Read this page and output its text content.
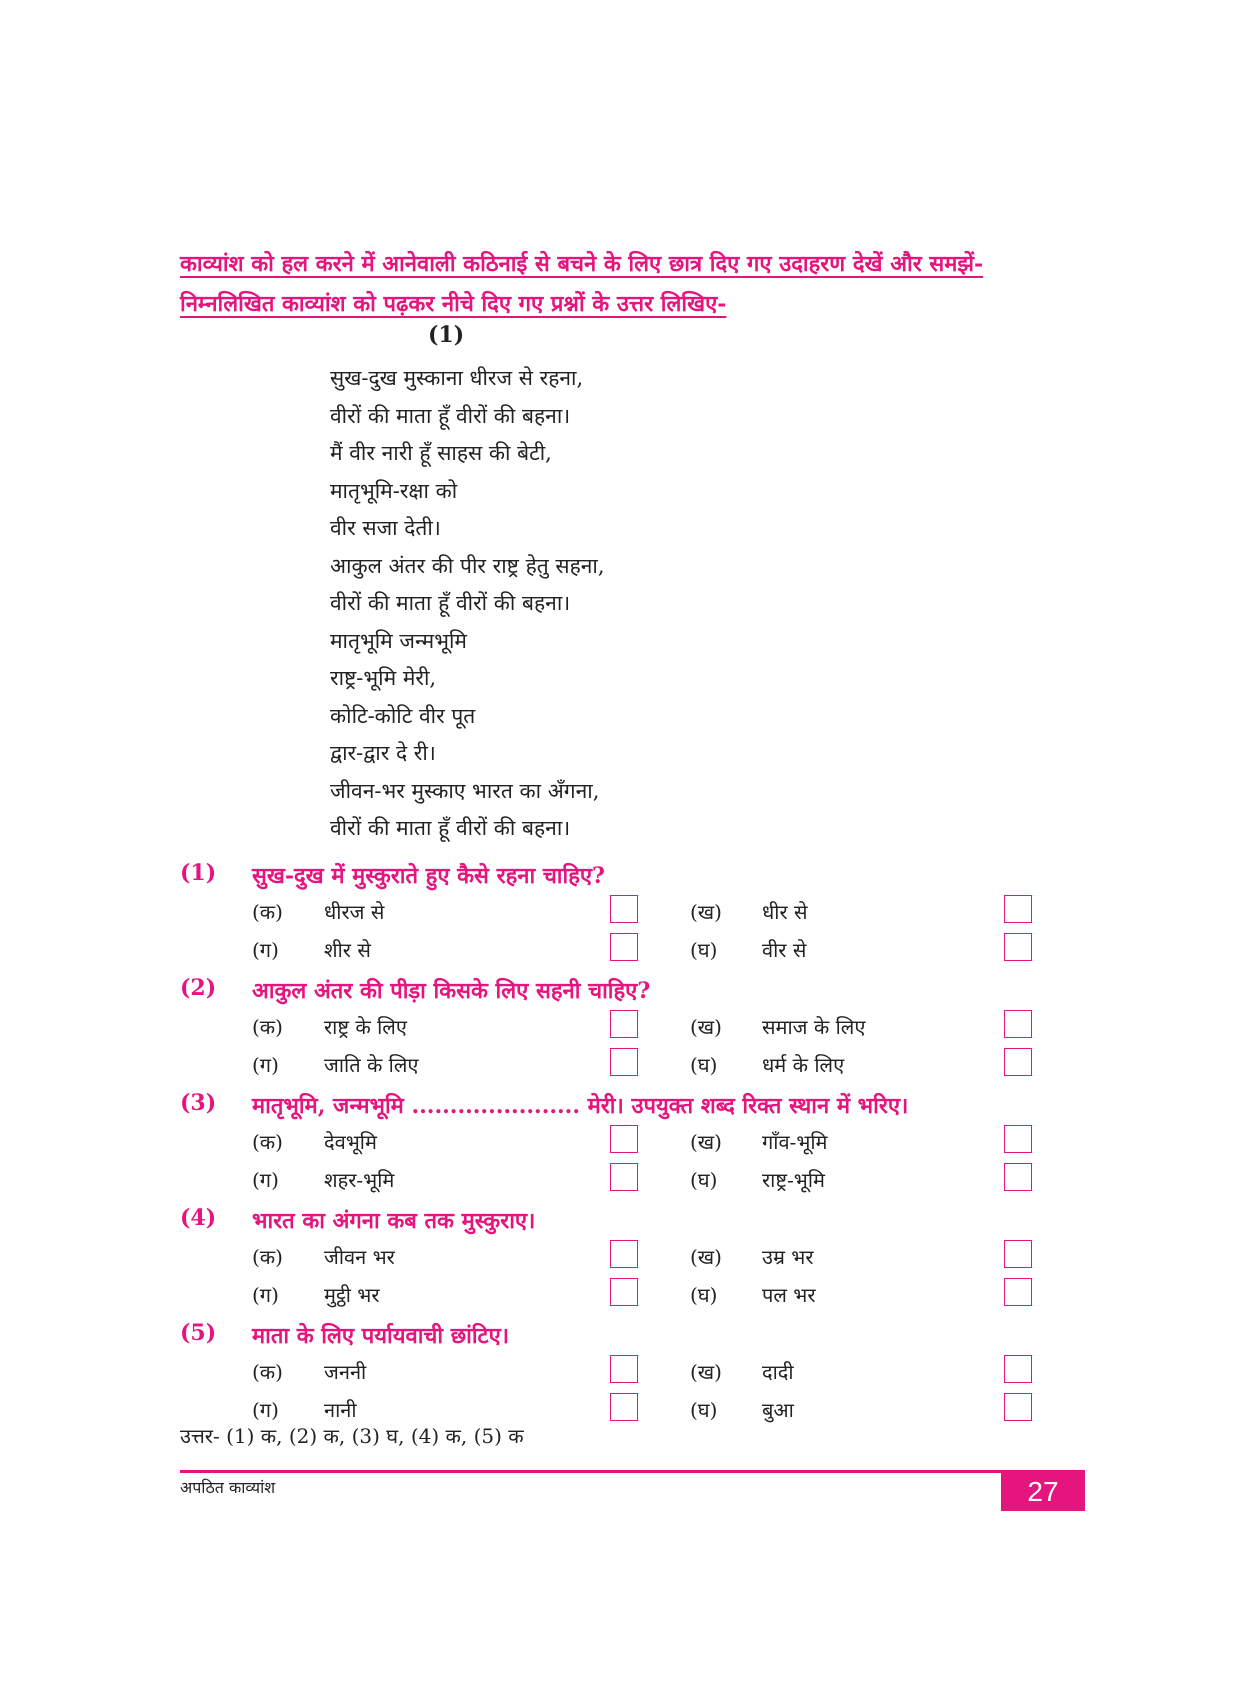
काव्यांश को हल करने में आनेवाली कठिनाई से बचने के लिए छात्र दिए गए उदाहरण देखें और समझें-
निम्नलिखित काव्यांश को पढ़कर नीचे दिए गए प्रश्नों के उत्तर लिखिए-
(1)
सुख-दुख मुस्काना धीरज से रहना,
वीरों की माता हूँ वीरों की बहना।
मैं वीर नारी हूँ साहस की बेटी,
मातृभूमि-रक्षा को
वीर सजा देती।
आकुल अंतर की पीर राष्ट्र हेतु सहना,
वीरों की माता हूँ वीरों की बहना।
मातृभूमि जन्मभूमि
राष्ट्र-भूमि मेरी,
कोटि-कोटि वीर पूत
द्वार-द्वार दे री।
जीवन-भर मुस्काए भारत का अँगना,
वीरों की माता हूँ वीरों की बहना।
(1) सुख-दुख में मुस्कुराते हुए कैसे रहना चाहिए?
(क) धीरज से	(ख) धीर से
(ग) शीर से	(घ) वीर से
(2) आकुल अंतर की पीड़ा किसके लिए सहनी चाहिए?
(क) राष्ट्र के लिए	(ख) समाज के लिए
(ग) जाति के लिए	(घ) धर्म के लिए
(3) मातृभूमि, जन्मभूमि ...................... मेरी। उपयुक्त शब्द रिक्त स्थान में भरिए।
(क) देवभूमि	(ख) गाँव-भूमि
(ग) शहर-भूमि	(घ) राष्ट्र-भूमि
(4) भारत का अंगना कब तक मुस्कुराए।
(क) जीवन भर	(ख) उम्र भर
(ग) मुट्ठी भर	(घ) पल भर
(5) माता के लिए पर्यायवाची छांटिए।
(क) जननी	(ख) दादी
(ग) नानी	(घ) बुआ
उत्तर- (1) क, (2) क, (3) घ, (4) क, (5) क
अपठित काव्यांश	27
